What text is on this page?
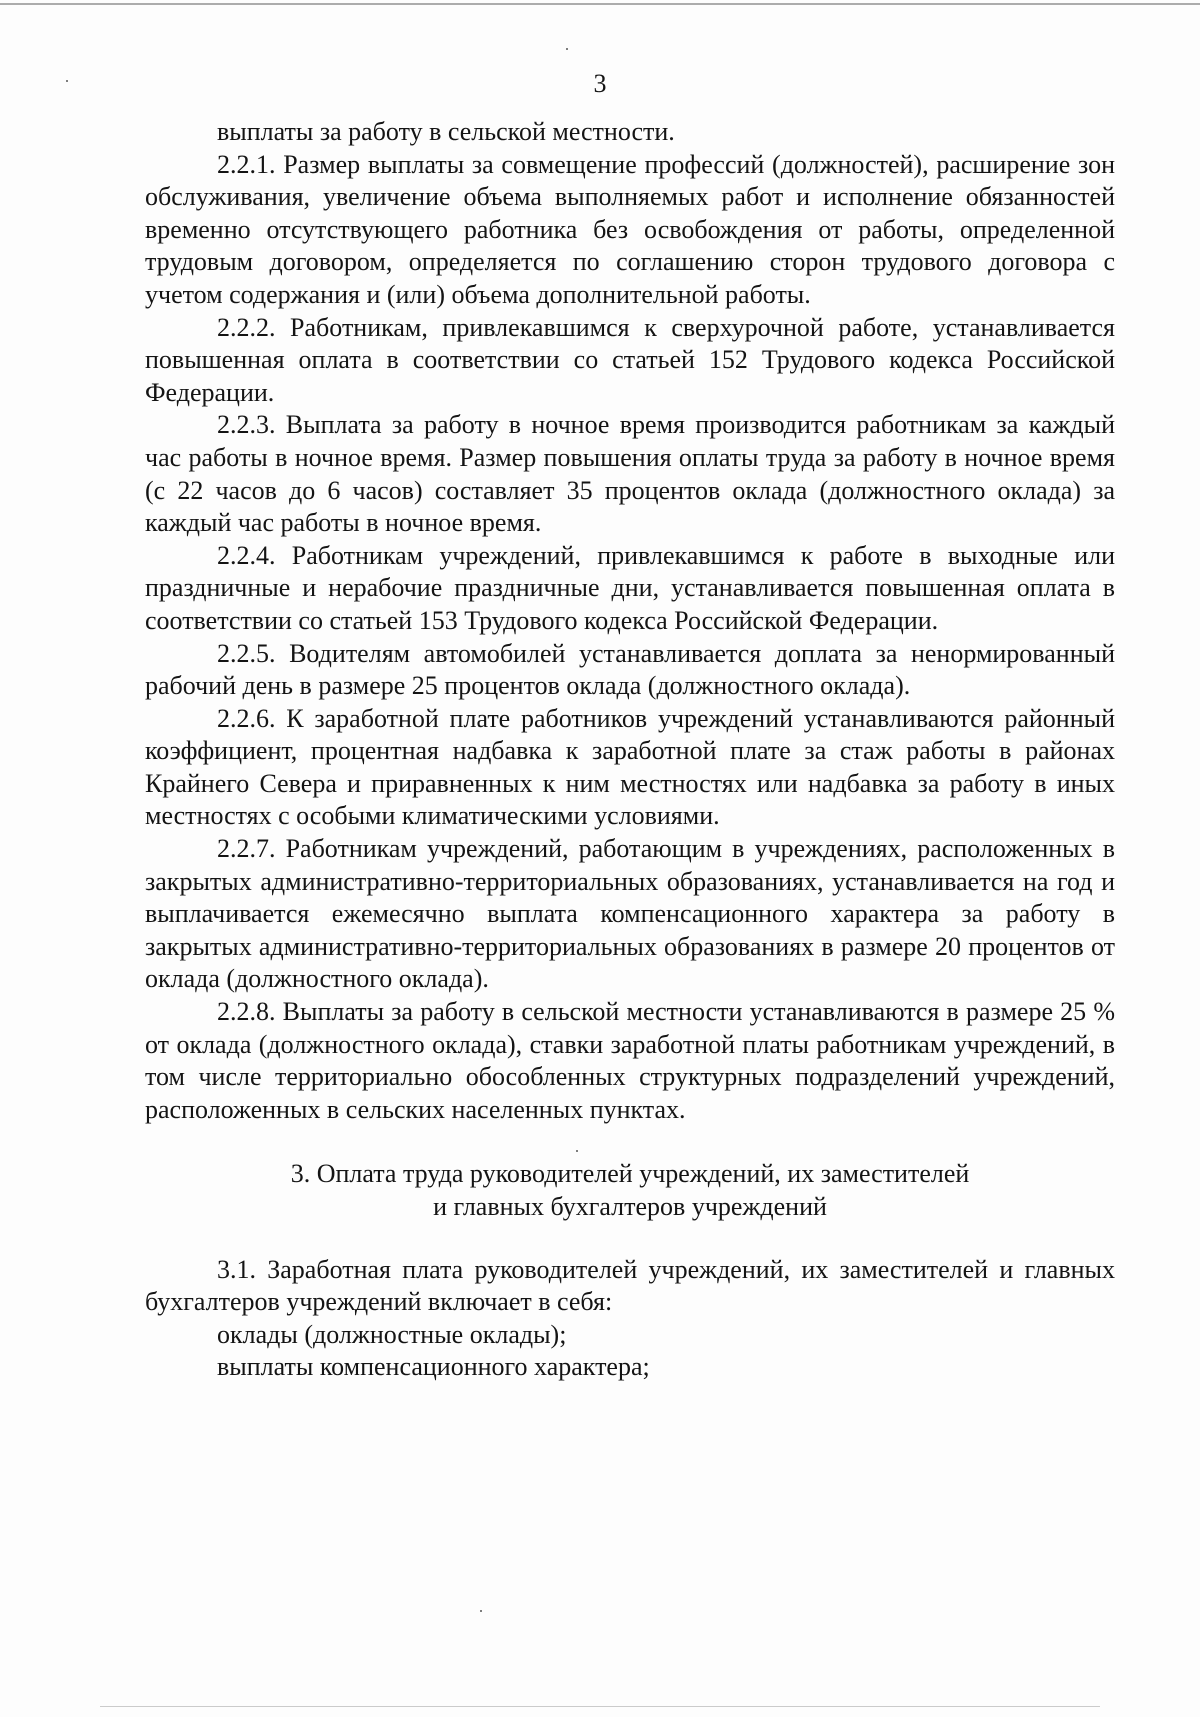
3

выплаты за работу в сельской местности.

2.2.1. Размер выплаты за совмещение профессий (должностей), расширение зон обслуживания, увеличение объема выполняемых работ и исполнение обязанностей временно отсутствующего работника без освобождения от работы, определенной трудовым договором, определяется по соглашению сторон трудового договора с учетом содержания и (или) объема дополнительной работы.

2.2.2. Работникам, привлекавшимся к сверхурочной работе, устанавливается повышенная оплата в соответствии со статьей 152 Трудового кодекса Российской Федерации.

2.2.3. Выплата за работу в ночное время производится работникам за каждый час работы в ночное время. Размер повышения оплаты труда за работу в ночное время (с 22 часов до 6 часов) составляет 35 процентов оклада (должностного оклада) за каждый час работы в ночное время.

2.2.4. Работникам учреждений, привлекавшимся к работе в выходные или праздничные и нерабочие праздничные дни, устанавливается повышенная оплата в соответствии со статьей 153 Трудового кодекса Российской Федерации.

2.2.5. Водителям автомобилей устанавливается доплата за ненормированный рабочий день в размере 25 процентов оклада (должностного оклада).

2.2.6. К заработной плате работников учреждений устанавливаются районный коэффициент, процентная надбавка к заработной плате за стаж работы в районах Крайнего Севера и приравненных к ним местностях или надбавка за работу в иных местностях с особыми климатическими условиями.

2.2.7. Работникам учреждений, работающим в учреждениях, расположенных в закрытых административно-территориальных образованиях, устанавливается на год и выплачивается ежемесячно выплата компенсационного характера за работу в закрытых административно-территориальных образованиях в размере 20 процентов от оклада (должностного оклада).

2.2.8. Выплаты за работу в сельской местности устанавливаются в размере 25 % от оклада (должностного оклада), ставки заработной платы работникам учреждений, в том числе территориально обособленных структурных подразделений учреждений, расположенных в сельских населенных пунктах.

3. Оплата труда руководителей учреждений, их заместителей
и главных бухгалтеров учреждений

3.1. Заработная плата руководителей учреждений, их заместителей и главных бухгалтеров учреждений включает в себя:

оклады (должностные оклады);

выплаты компенсационного характера;
